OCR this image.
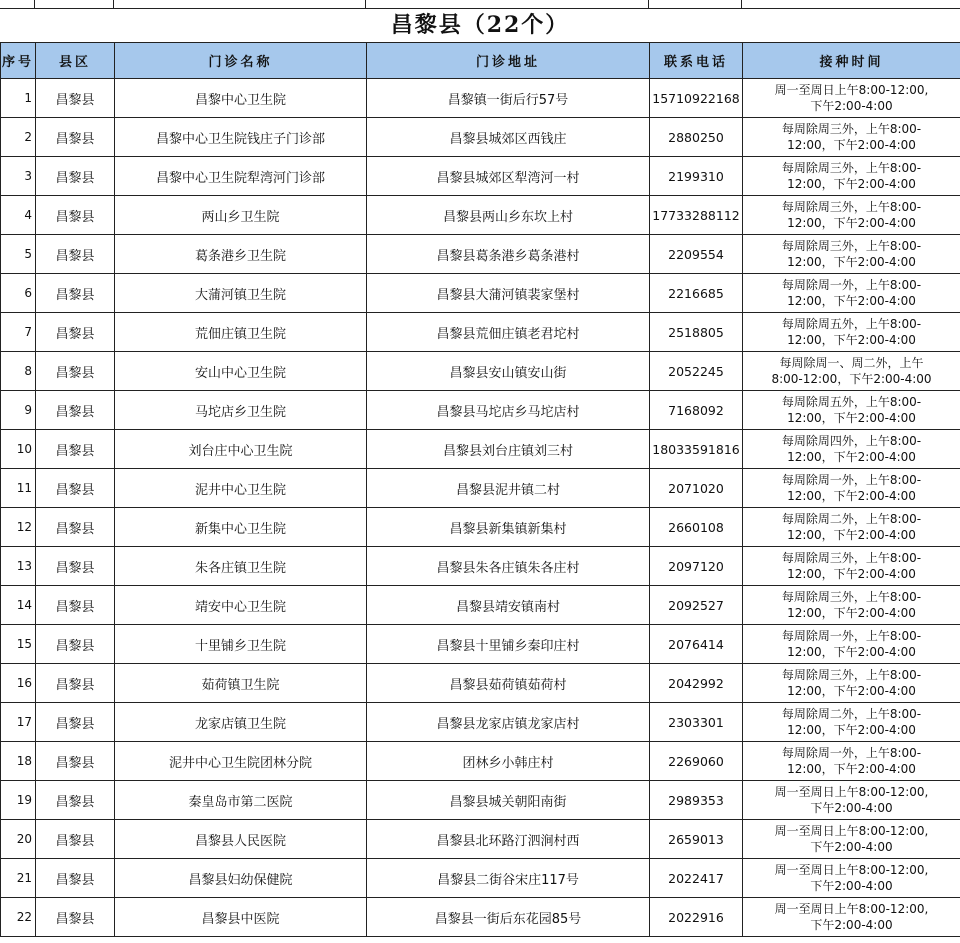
昌黎县（22个）
序号	县区	门诊名称	门诊地址	联系电话	接种时间
1	昌黎县	昌黎中心卫生院	昌黎镇一街后行57号	15710922168	周一至周日上午8:00-12:00,
下午2:00-4:00

2	昌黎县	昌黎中心卫生院钱庄子门诊部	昌黎县城郊区西钱庄	2880250	每周除周三外，上午8:00-
12:00，下午2:00-4:00

3	昌黎县	昌黎中心卫生院犁湾河门诊部	昌黎县城郊区犁湾河一村	2199310	每周除周三外，上午8:00-
12:00，下午2:00-4:00

4	昌黎县	两山乡卫生院	昌黎县两山乡东坎上村	17733288112	每周除周三外，上午8:00-
12:00，下午2:00-4:00

5	昌黎县	葛条港乡卫生院	昌黎县葛条港乡葛条港村	2209554	每周除周三外，上午8:00-
12:00，下午2:00-4:00

6	昌黎县	大蒲河镇卫生院	昌黎县大蒲河镇裴家堡村	2216685	每周除周一外，上午8:00-
12:00，下午2:00-4:00

7	昌黎县	荒佃庄镇卫生院	昌黎县荒佃庄镇老君坨村	2518805	每周除周五外，上午8:00-
12:00，下午2:00-4:00

8	昌黎县	安山中心卫生院	昌黎县安山镇安山街	2052245	每周除周一、周二外，上午
8:00-12:00，下午2:00-4:00

9	昌黎县	马坨店乡卫生院	昌黎县马坨店乡马坨店村	7168092	每周除周五外，上午8:00-
12:00，下午2:00-4:00

10	昌黎县	刘台庄中心卫生院	昌黎县刘台庄镇刘三村	18033591816	每周除周四外，上午8:00-
12:00，下午2:00-4:00

11	昌黎县	泥井中心卫生院	昌黎县泥井镇二村	2071020	每周除周一外，上午8:00-
12:00，下午2:00-4:00

12	昌黎县	新集中心卫生院	昌黎县新集镇新集村	2660108	每周除周二外，上午8:00-
12:00，下午2:00-4:00

13	昌黎县	朱各庄镇卫生院	昌黎县朱各庄镇朱各庄村	2097120	每周除周三外，上午8:00-
12:00，下午2:00-4:00

14	昌黎县	靖安中心卫生院	昌黎县靖安镇南村	2092527	每周除周三外，上午8:00-
12:00，下午2:00-4:00

15	昌黎县	十里铺乡卫生院	昌黎县十里铺乡秦印庄村	2076414	每周除周一外，上午8:00-
12:00，下午2:00-4:00

16	昌黎县	茹荷镇卫生院	昌黎县茹荷镇茹荷村	2042992	每周除周三外，上午8:00-
12:00，下午2:00-4:00

17	昌黎县	龙家店镇卫生院	昌黎县龙家店镇龙家店村	2303301	每周除周二外，上午8:00-
12:00，下午2:00-4:00

18	昌黎县	泥井中心卫生院团林分院	团林乡小韩庄村	2269060	每周除周一外，上午8:00-
12:00，下午2:00-4:00

19	昌黎县	秦皇岛市第二医院	昌黎县城关朝阳南街	2989353	周一至周日上午8:00-12:00,
下午2:00-4:00

20	昌黎县	昌黎县人民医院	昌黎县北环路汀泗涧村西	2659013	周一至周日上午8:00-12:00,
下午2:00-4:00

21	昌黎县	昌黎县妇幼保健院	昌黎县二街谷宋庄117号	2022417	周一至周日上午8:00-12:00,
下午2:00-4:00

22	昌黎县	昌黎县中医院	昌黎县一街后东花园85号	2022916	周一至周日上午8:00-12:00,
下午2:00-4:00
